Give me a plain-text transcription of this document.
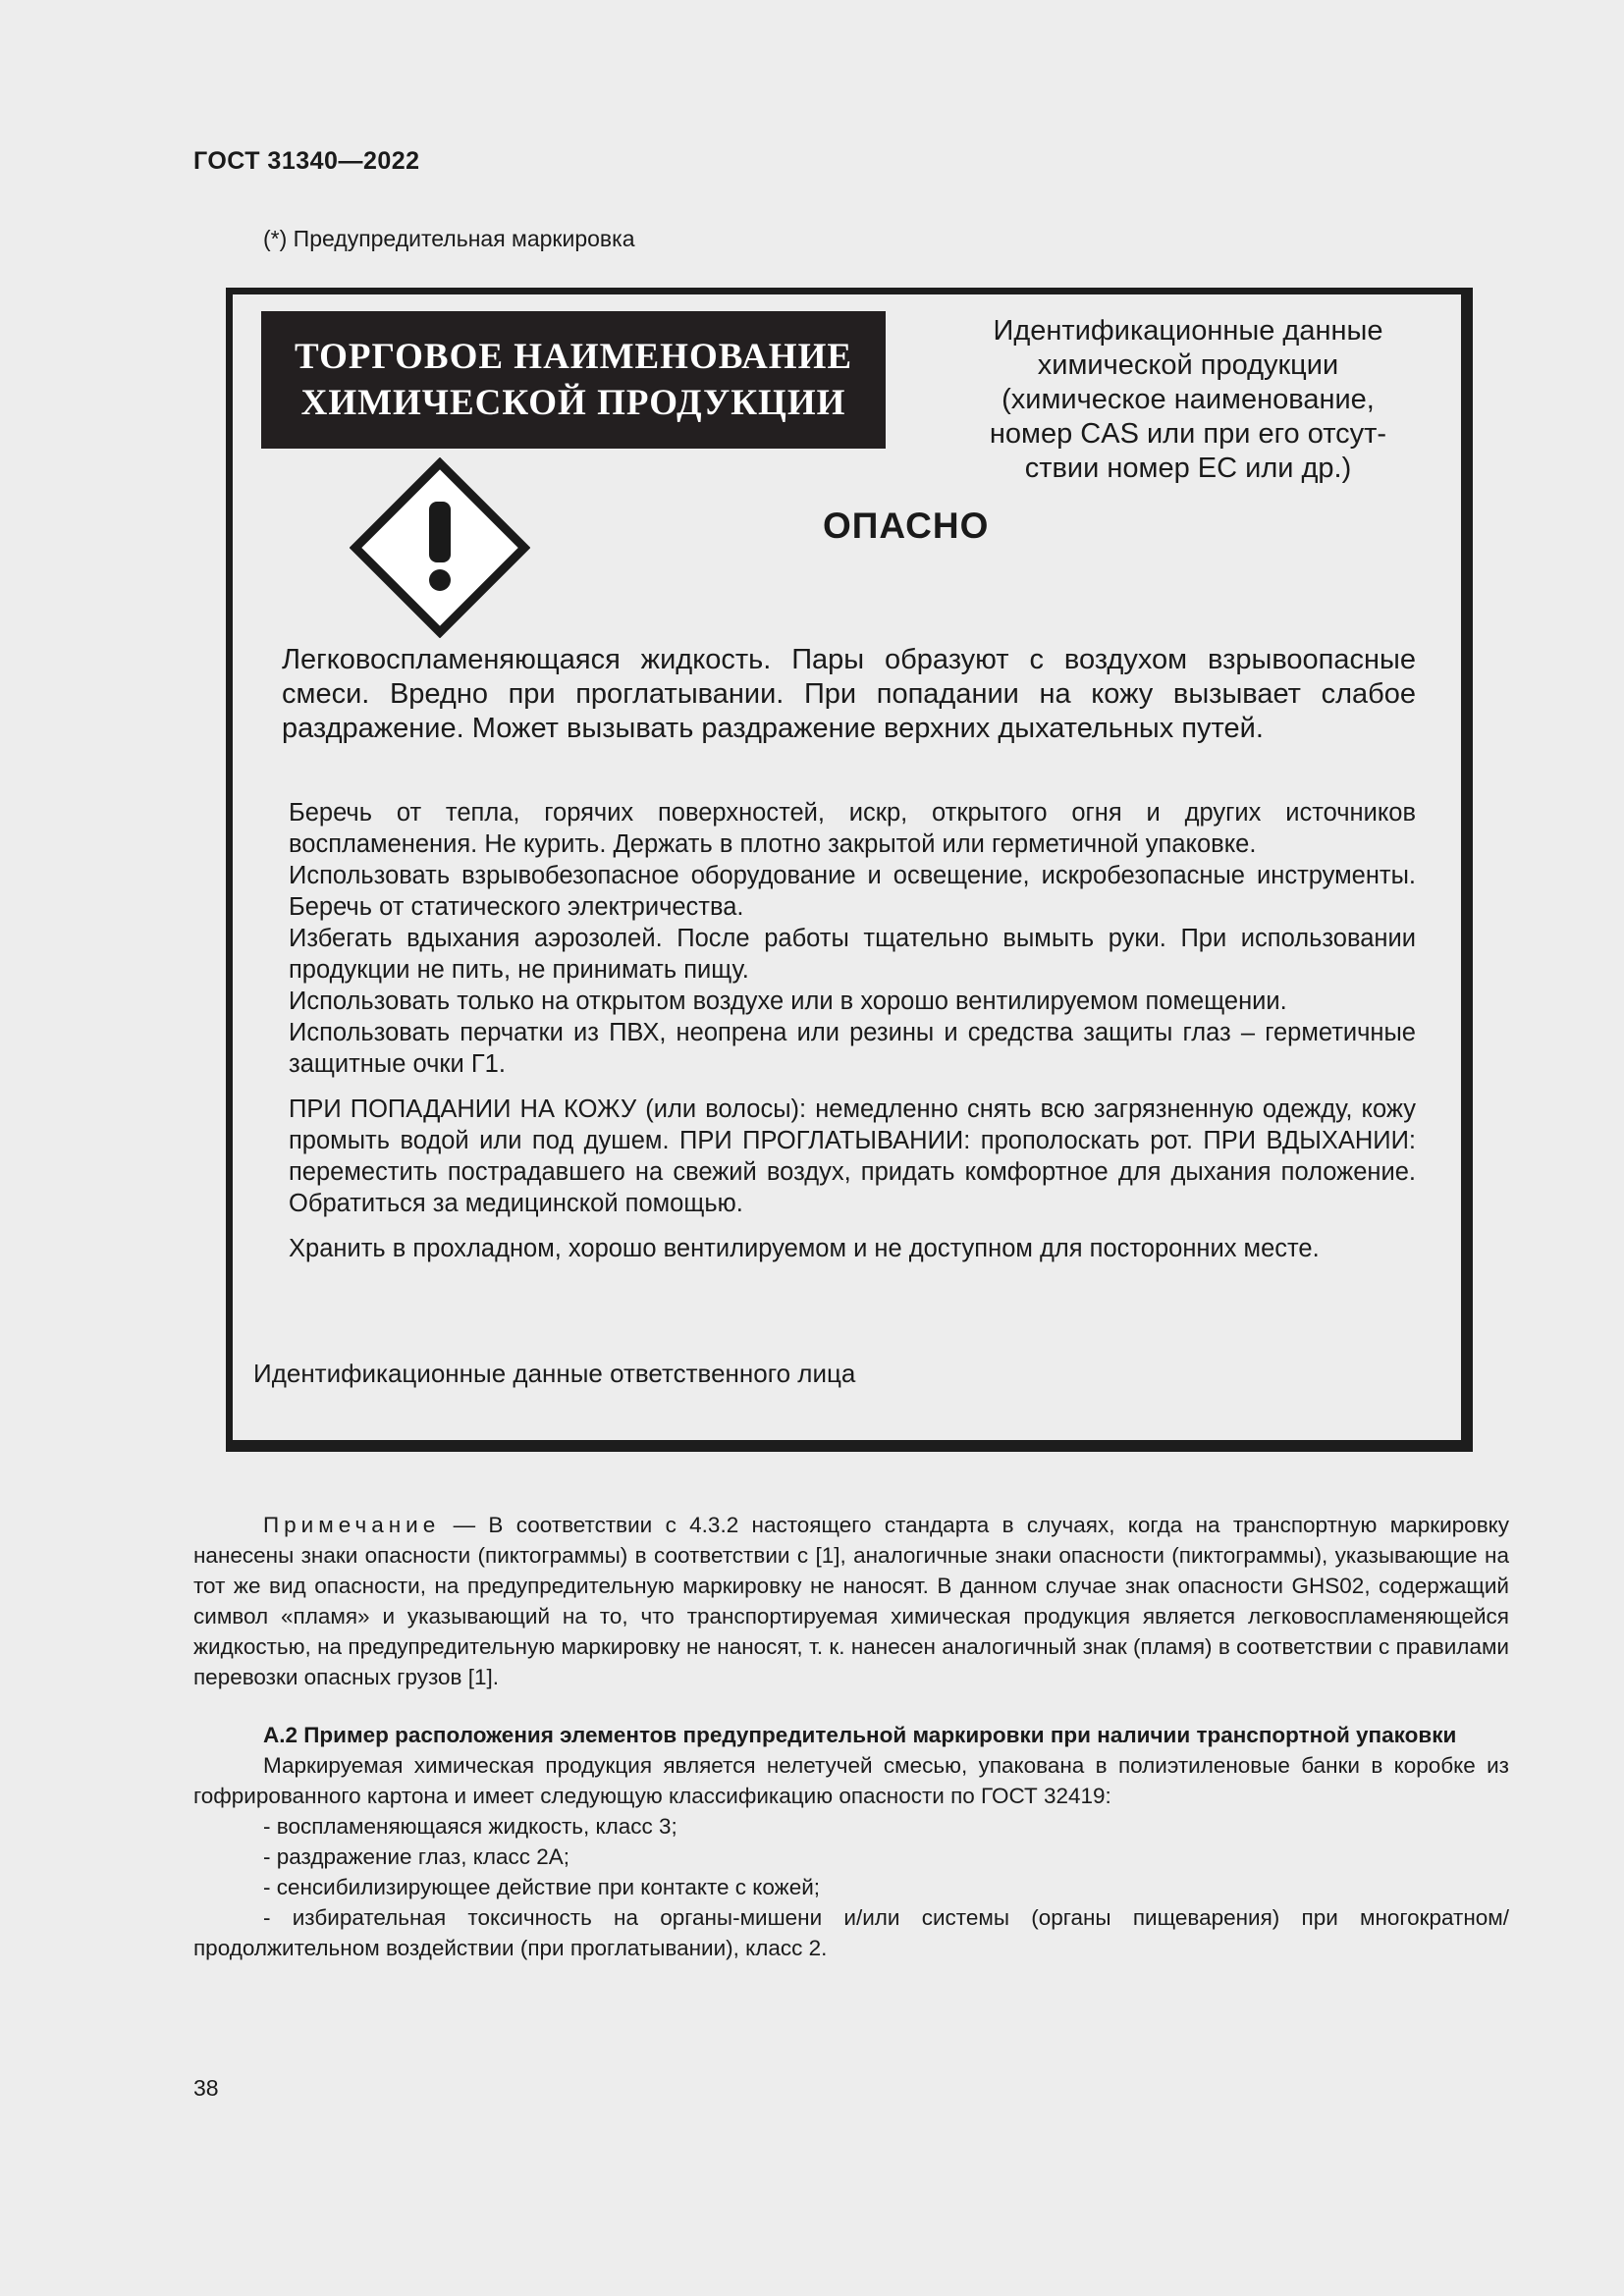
ГОСТ 31340—2022
(*) Предупредительная маркировка
ТОРГОВОЕ НАИМЕНОВАНИЕ
ХИМИЧЕСКОЙ ПРОДУКЦИИ
Идентификационные данные
химической продукции
(химическое наименование,
номер CAS или при его отсут-
ствии номер ЕС или др.)
ОПАСНО
Легковоспламеняющаяся жидкость. Пары образуют с воздухом взрывоопасные смеси. Вредно при проглатывании. При попадании на кожу вызывает слабое раздражение. Может вызывать раздражение верхних дыхательных путей.

Беречь от тепла, горячих поверхностей, искр, открытого огня и других источников воспламенения. Не курить. Держать в плотно закрытой или герметичной упаковке.

Использовать взрывобезопасное оборудование и освещение, искробезопасные инструменты. Беречь от статического электричества.

Избегать вдыхания аэрозолей. После работы тщательно вымыть руки. При использовании продукции не пить, не принимать пищу.

Использовать только на открытом воздухе или в хорошо вентилируемом помещении.

Использовать перчатки из ПВХ, неопрена или резины и средства защиты глаз – герметичные защитные очки Г1.

ПРИ ПОПАДАНИИ НА КОЖУ (или волосы): немедленно снять всю загрязненную одежду, кожу промыть водой или под душем. ПРИ ПРОГЛАТЫВАНИИ: прополоскать рот. ПРИ ВДЫХАНИИ: переместить пострадавшего на свежий воздух, придать комфортное для дыхания положение. Обратиться за медицинской помощью.

Хранить в прохладном, хорошо вентилируемом и не доступном для посторонних месте.

Идентификационные данные ответственного лица

Примечание — В соответствии с 4.3.2 настоящего стандарта в случаях, когда на транспортную маркировку нанесены знаки опасности (пиктограммы) в соответствии с [1], аналогичные знаки опасности (пиктограммы), указывающие на тот же вид опасности, на предупредительную маркировку не наносят. В данном случае знак опасности GHS02, содержащий символ «пламя» и указывающий на то, что транспортируемая химическая продукция является легковоспламеняющейся жидкостью, на предупредительную маркировку не наносят, т. к. нанесен аналогичный знак (пламя) в соответствии с правилами перевозки опасных грузов [1].

А.2 Пример расположения элементов предупредительной маркировки при наличии транспортной упаковки

Маркируемая химическая продукция является нелетучей смесью, упакована в полиэтиленовые банки в коробке из гофрированного картона и имеет следующую классификацию опасности по ГОСТ 32419:

- воспламеняющаяся жидкость, класс 3;

- раздражение глаз, класс 2А;

- сенсибилизирующее действие при контакте с кожей;

- избирательная токсичность на органы-мишени и/или системы (органы пищеварения) при многократном/продолжительном воздействии (при проглатывании), класс 2.

38
